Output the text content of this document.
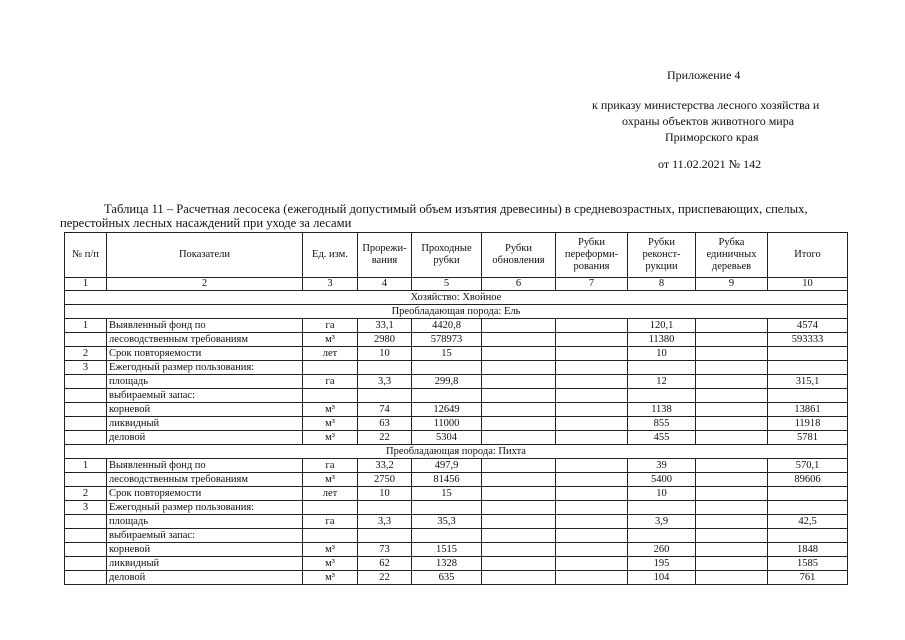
Приложение 4
к приказу министерства лесного хозяйства и
охраны объектов животного мира
Приморского края
от 11.02.2021 № 142
Таблица 11 – Расчетная лесосека (ежегодный допустимый объем изъятия древесины) в средневозрастных, приспевающих, спелых, перестойных лесных насаждений при уходе за лесами
№ п/п	Показатели	Ед. изм.	Прорежи-вания	Проходные рубки	Рубки обновления	Рубки переформи-рования	Рубки реконст-рукции	Рубка единичных деревьев	Итого
1	2	3	4	5	6	7	8	9	10
Хозяйство: Хвойное									
Преобладающая порода: Ель									
1	Выявленный фонд по	га	33,1	4420,8			120,1		4574
	лесоводственным требованиям	м³	2980	578973			11380		593333
2	Срок повторяемости	лет	10	15			10		
3	Ежегодный размер пользования:								
	площадь	га	3,3	299,8			12		315,1
	выбираемый запас:								
	корневой	м³	74	12649			1138		13861
	ликвидный	м³	63	11000			855		11918
	деловой	м³	22	5304			455		5781
Преобладающая порода: Пихта									
1	Выявленный фонд по	га	33,2	497,9			39		570,1
	лесоводственным требованиям	м³	2750	81456			5400		89606
2	Срок повторяемости	лет	10	15			10		
3	Ежегодный размер пользования:								
	площадь	га	3,3	35,3			3,9		42,5
	выбираемый запас:								
	корневой	м³	73	1515			260		1848
	ликвидный	м³	62	1328			195		1585
	деловой	м³	22	635			104		761
